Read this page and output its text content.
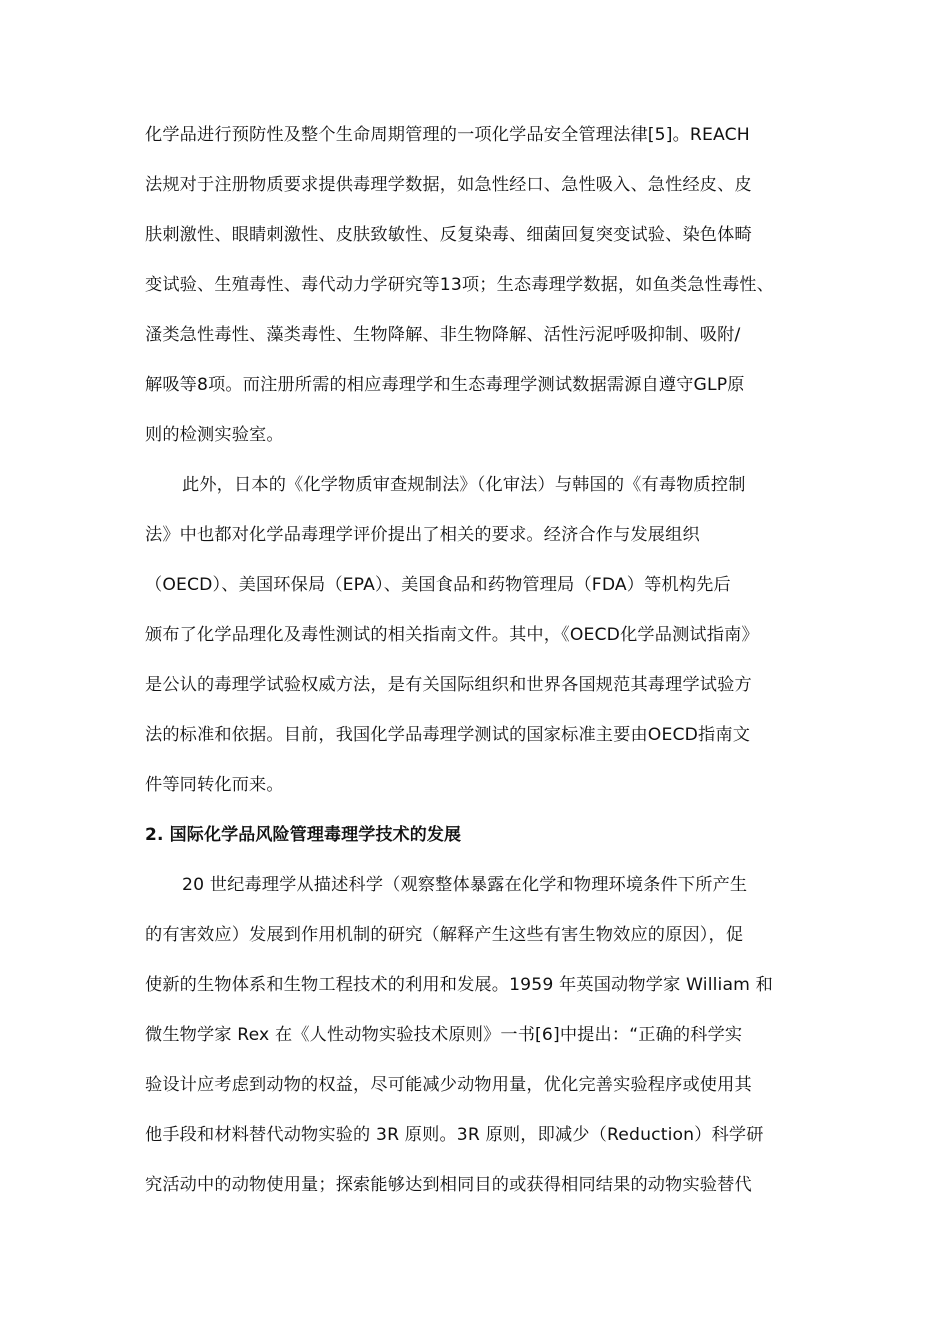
化学品进行预防性及整个生命周期管理的一项化学品安全管理法律[5]。REACH
法规对于注册物质要求提供毒理学数据，如急性经口、急性吸入、急性经皮、皮
肤刺激性、眼睛刺激性、皮肤致敏性、反复染毒、细菌回复突变试验、染色体畸
变试验、生殖毒性、毒代动力学研究等13项；生态毒理学数据，如鱼类急性毒性、
溞类急性毒性、藻类毒性、生物降解、非生物降解、活性污泥呼吸抑制、吸附/
解吸等8项。而注册所需的相应毒理学和生态毒理学测试数据需源自遵守GLP原
则的检测实验室。
此外，日本的《化学物质审查规制法》（化审法）与韩国的《有毒物质控制
法》中也都对化学品毒理学评价提出了相关的要求。经济合作与发展组织
（OECD）、美国环保局（EPA）、美国食品和药物管理局（FDA）等机构先后
颁布了化学品理化及毒性测试的相关指南文件。其中，《OECD化学品测试指南》
是公认的毒理学试验权威方法，是有关国际组织和世界各国规范其毒理学试验方
法的标准和依据。目前，我国化学品毒理学测试的国家标准主要由OECD指南文
件等同转化而来。
2. 国际化学品风险管理毒理学技术的发展
20 世纪毒理学从描述科学（观察整体暴露在化学和物理环境条件下所产生
的有害效应）发展到作用机制的研究（解释产生这些有害生物效应的原因），促
使新的生物体系和生物工程技术的利用和发展。1959 年英国动物学家 William 和
微生物学家 Rex 在《人性动物实验技术原则》一书[6]中提出：“正确的科学实
验设计应考虑到动物的权益，尽可能减少动物用量，优化完善实验程序或使用其
他手段和材料替代动物实验的 3R 原则。3R 原则，即减少（Reduction）科学研
究活动中的动物使用量；探索能够达到相同目的或获得相同结果的动物实验替代
